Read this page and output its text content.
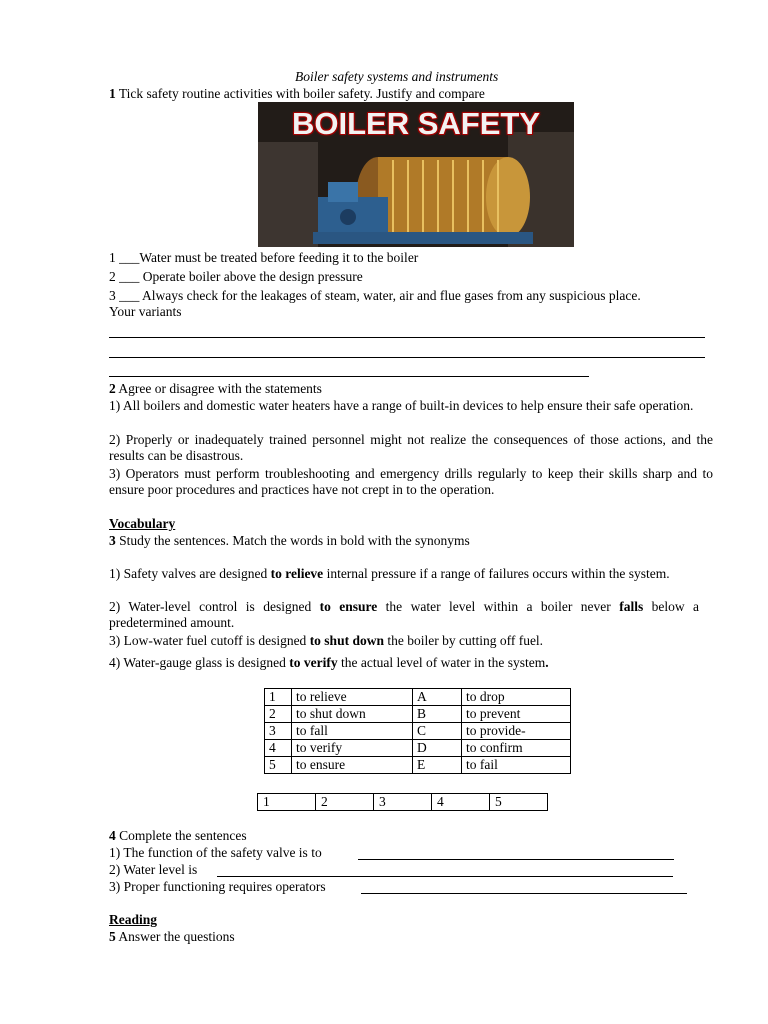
Boiler safety systems and instruments
1 Tick safety routine activities with boiler safety. Justify and compare
BOILER SAFETY
1 ___Water must be treated before feeding it to the boiler
2 ___ Operate boiler above the design pressure
3 ___ Always check for the leakages of steam, water, air and flue gases from any suspicious place.
Your variants
2 Agree or disagree with the statements
1) All boilers and domestic water heaters have a range of built-in devices to help ensure their safe operation.
2) Properly or inadequately trained personnel might not realize the consequences of those actions, and the results can be disastrous.
3) Operators must perform troubleshooting and emergency drills regularly to keep their skills sharp and to ensure poor procedures and practices have not crept in to the operation.
Vocabulary
3 Study the sentences. Match the words in bold with the synonyms
1) Safety valves are designed to relieve internal pressure if a range of failures occurs within the system.
2) Water-level control is designed to ensure the water level within a boiler never falls below a predetermined amount.
3) Low-water fuel cutoff is designed to shut down the boiler by cutting off fuel.
4) Water-gauge glass is designed to verify the actual level of water in the system.
1	to relieve	A	to drop
2	to shut down	B	to prevent
3	to fall	C	to provide-
4	to verify	D	to confirm
5	to ensure	E	to fail
1	2	3	4	5
4 Complete the sentences
1) The function of the safety valve is to
2) Water level is
3) Proper functioning requires operators
Reading
5 Answer the questions
